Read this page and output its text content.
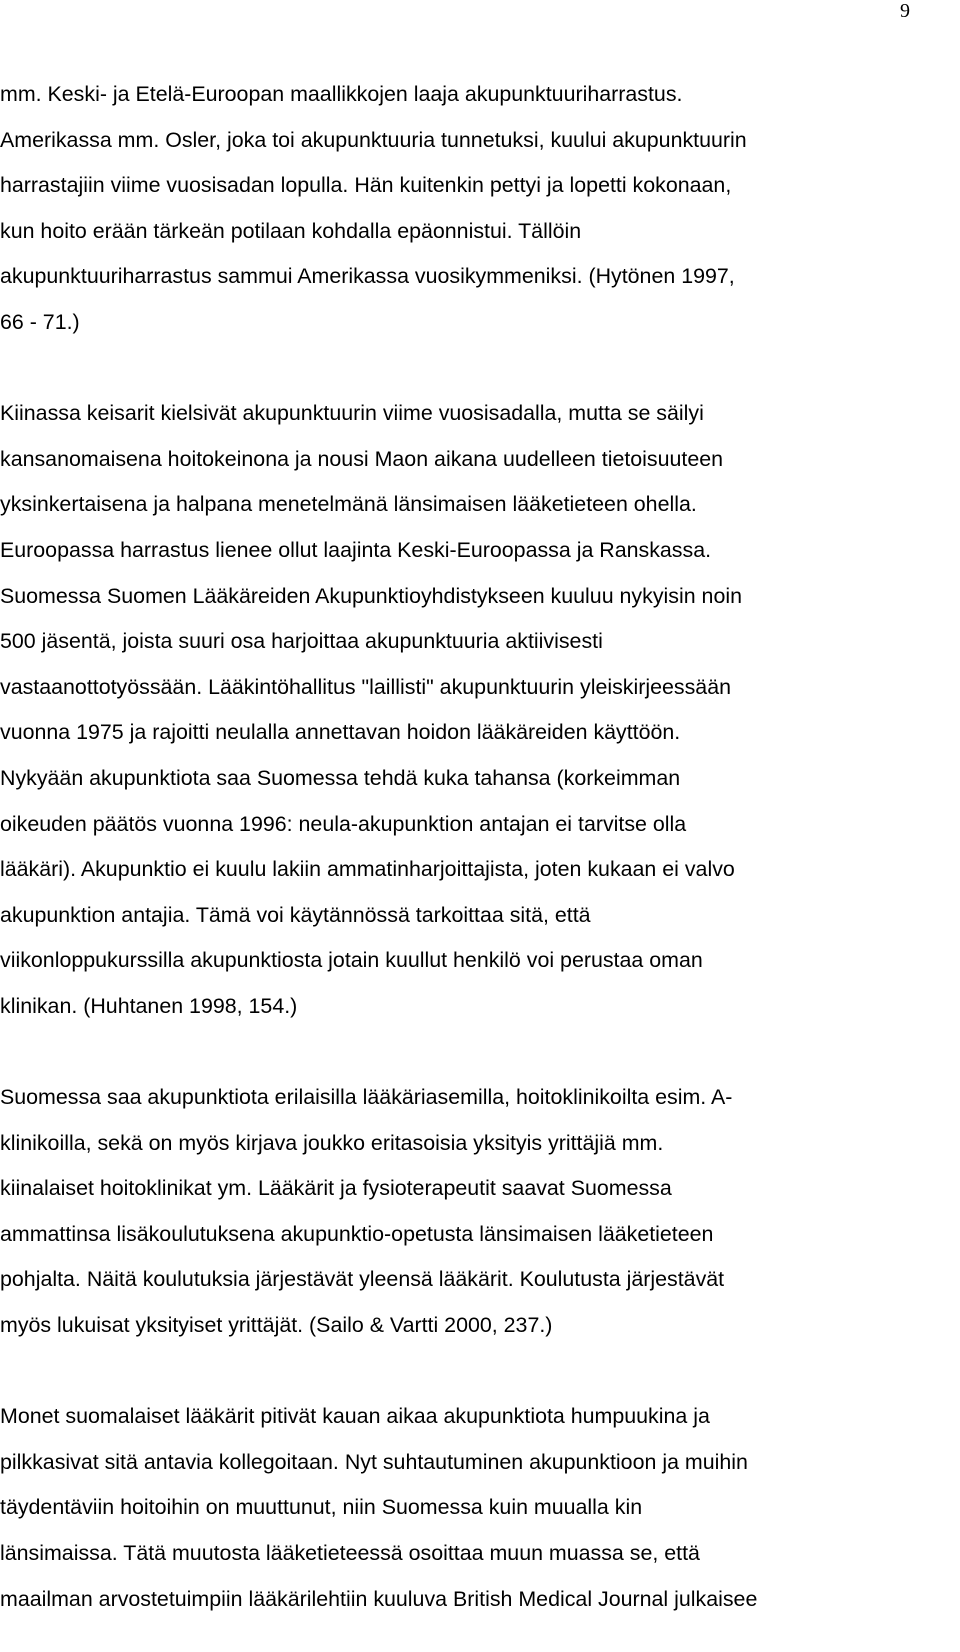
9
mm. Keski- ja Etelä-Euroopan maallikkojen laaja akupunktuuriharrastus.
Amerikassa mm. Osler, joka toi akupunktuuria tunnetuksi, kuului akupunktuurin
harrastajiin viime vuosisadan lopulla. Hän kuitenkin pettyi ja lopetti kokonaan,
kun hoito erään tärkeän potilaan kohdalla epäonnistui. Tällöin
akupunktuuriharrastus sammui Amerikassa vuosikymmeniksi. (Hytönen 1997,
66 - 71.)
Kiinassa keisarit kielsivät akupunktuurin viime vuosisadalla, mutta se säilyi
kansanomaisena hoitokeinona ja nousi Maon aikana uudelleen tietoisuuteen
yksinkertaisena ja halpana menetelmänä länsimaisen lääketieteen ohella.
Euroopassa harrastus lienee ollut laajinta Keski-Euroopassa ja Ranskassa.
Suomessa Suomen Lääkäreiden Akupunktioyhdistykseen kuuluu nykyisin noin
500 jäsentä, joista suuri osa harjoittaa akupunktuuria aktiivisesti
vastaanottotyössään. Lääkintöhallitus "laillisti" akupunktuurin yleiskirjeessään
vuonna 1975 ja rajoitti neulalla annettavan hoidon lääkäreiden käyttöön.
Nykyään akupunktiota saa Suomessa tehdä kuka tahansa (korkeimman
oikeuden päätös vuonna 1996: neula-akupunktion antajan ei tarvitse olla
lääkäri). Akupunktio ei kuulu lakiin ammatinharjoittajista, joten kukaan ei valvo
akupunktion antajia. Tämä voi käytännössä tarkoittaa sitä, että
viikonloppukurssilla akupunktiosta jotain kuullut henkilö voi perustaa oman
klinikan. (Huhtanen 1998, 154.)
Suomessa saa akupunktiota erilaisilla lääkäriasemilla, hoitoklinikoilta esim. A-
klinikoilla, sekä on myös kirjava joukko eritasoisia yksityis yrittäjiä mm.
kiinalaiset hoitoklinikat ym. Lääkärit ja fysioterapeutit saavat Suomessa
ammattinsa lisäkoulutuksena akupunktio-opetusta länsimaisen lääketieteen
pohjalta. Näitä koulutuksia järjestävät yleensä lääkärit. Koulutusta järjestävät
myös lukuisat yksityiset yrittäjät. (Sailo & Vartti 2000, 237.)
Monet suomalaiset lääkärit pitivät kauan aikaa akupunktiota humpuukina ja
pilkkasivat sitä antavia kollegoitaan. Nyt suhtautuminen akupunktioon ja muihin
täydentäviin hoitoihin on muuttunut, niin Suomessa kuin muualla kin
länsimaissa. Tätä muutosta lääketieteessä osoittaa muun muassa se, että
maailman arvostetuimpiin lääkärilehtiin kuuluva British Medical Journal julkaisee
